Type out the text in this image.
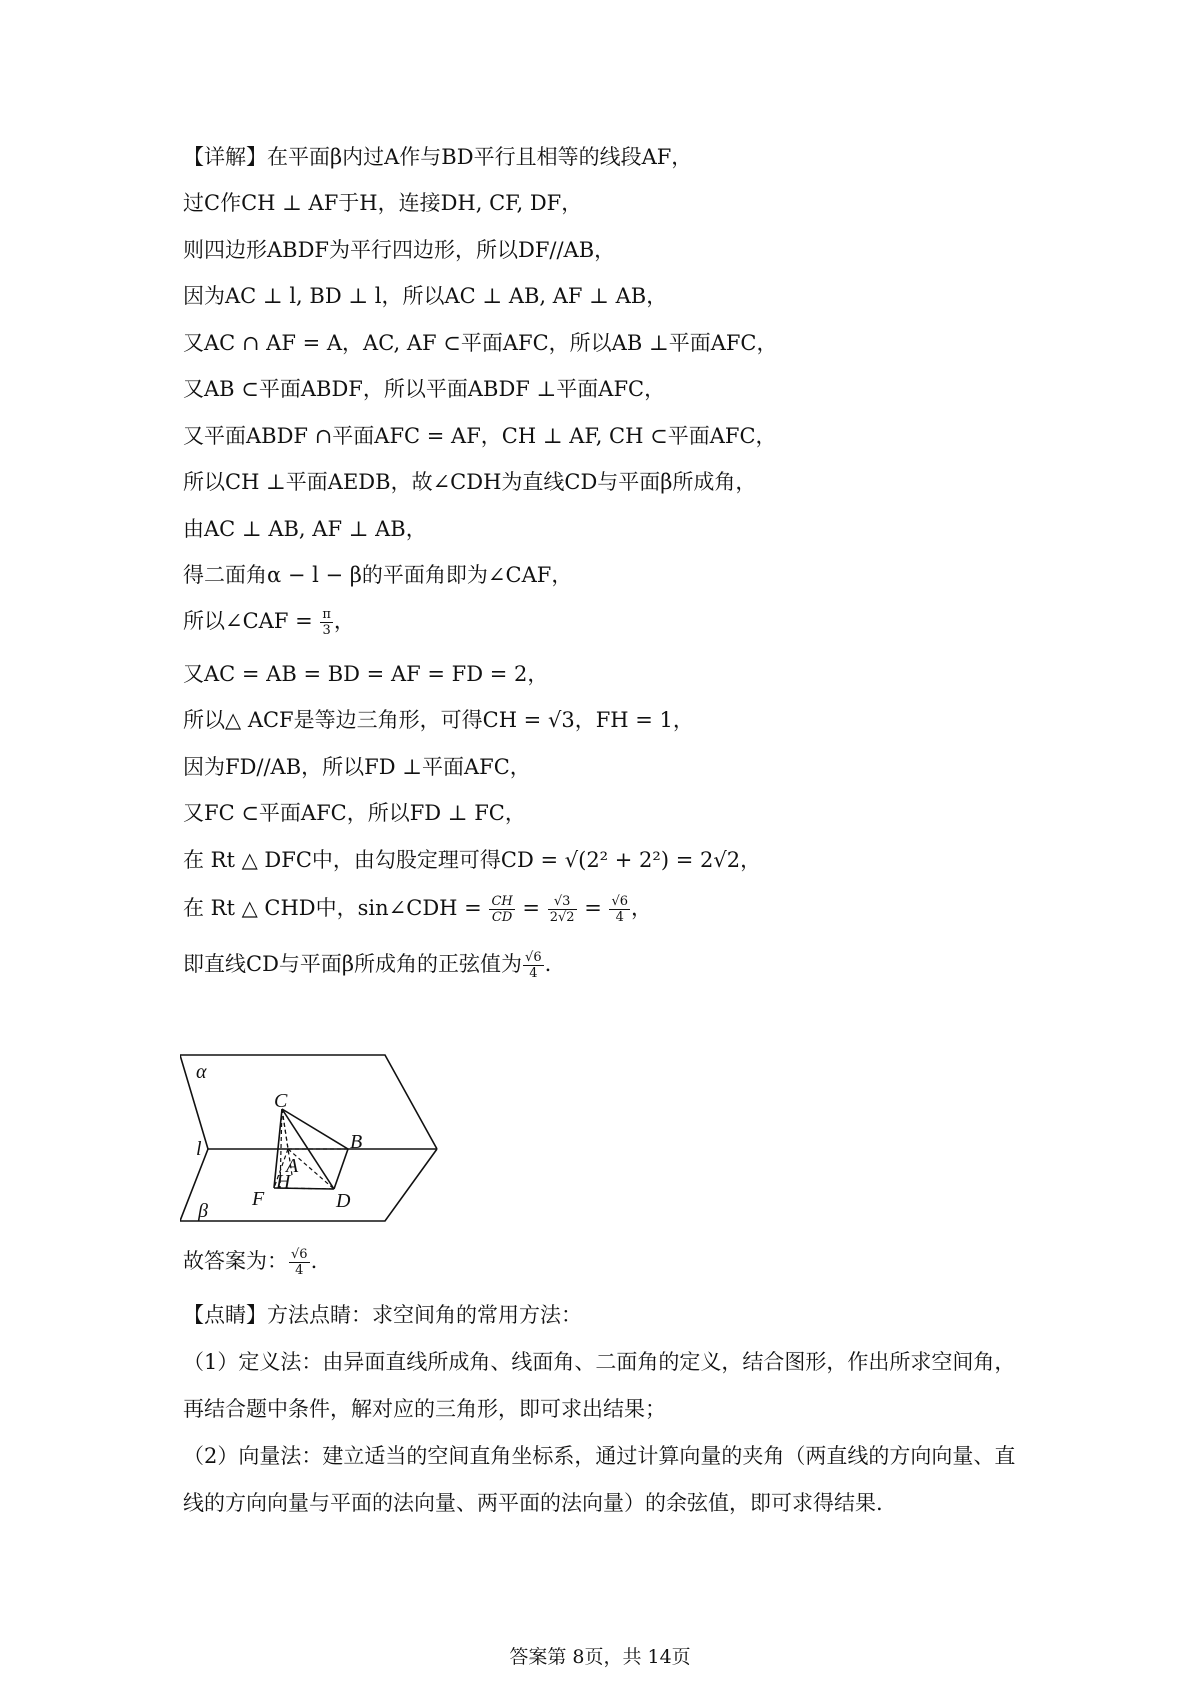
【详解】在平面β内过A作与BD平行且相等的线段AF，
过C作CH ⊥ AF于H，连接DH, CF, DF，
则四边形ABDF为平行四边形，所以DF//AB，
因为AC ⊥ l, BD ⊥ l，所以AC ⊥ AB, AF ⊥ AB，
又AC ∩ AF = A，AC, AF ⊂平面AFC，所以AB ⊥平面AFC，
又AB ⊂平面ABDF，所以平面ABDF ⊥平面AFC，
又平面ABDF ∩平面AFC = AF，CH ⊥ AF, CH ⊂平面AFC，
所以CH ⊥平面AEDB，故∠CDH为直线CD与平面β所成角，
由AC ⊥ AB, AF ⊥ AB，
得二面角α − l − β的平面角即为∠CAF，
所以∠CAF = $\frac{\pi}{3}$ ，
又AC = AB = BD = AF = FD = 2，
所以△ ACF是等边三角形，可得CH = √3，FH = 1，
因为FD//AB，所以FD ⊥平面AFC，
又FC ⊂平面AFC，所以FD ⊥ FC，
在 Rt △ DFC中，由勾股定理可得CD = √(2² + 2²) = 2√2，
在 Rt △ CHD中，sin∠CDH = $\frac{CH}{CD} = \frac{√3}{2√2} = \frac{√6}{4}$ ，
即直线CD与平面β所成角的正弦值为 $\frac{√6}{4}$ .
α
β
l
C
A
B
H
F	D
故答案为： $\frac{√6}{4}$ .
【点睛】方法点睛：求空间角的常用方法：
（1）定义法：由异面直线所成角、线面角、二面角的定义，结合图形，作出所求空间角，
再结合题中条件，解对应的三角形，即可求出结果；
（2）向量法：建立适当的空间直角坐标系，通过计算向量的夹角（两直线的方向向量、直
线的方向向量与平面的法向量、两平面的法向量）的余弦值，即可求得结果.
答案第 8页，共 14页
